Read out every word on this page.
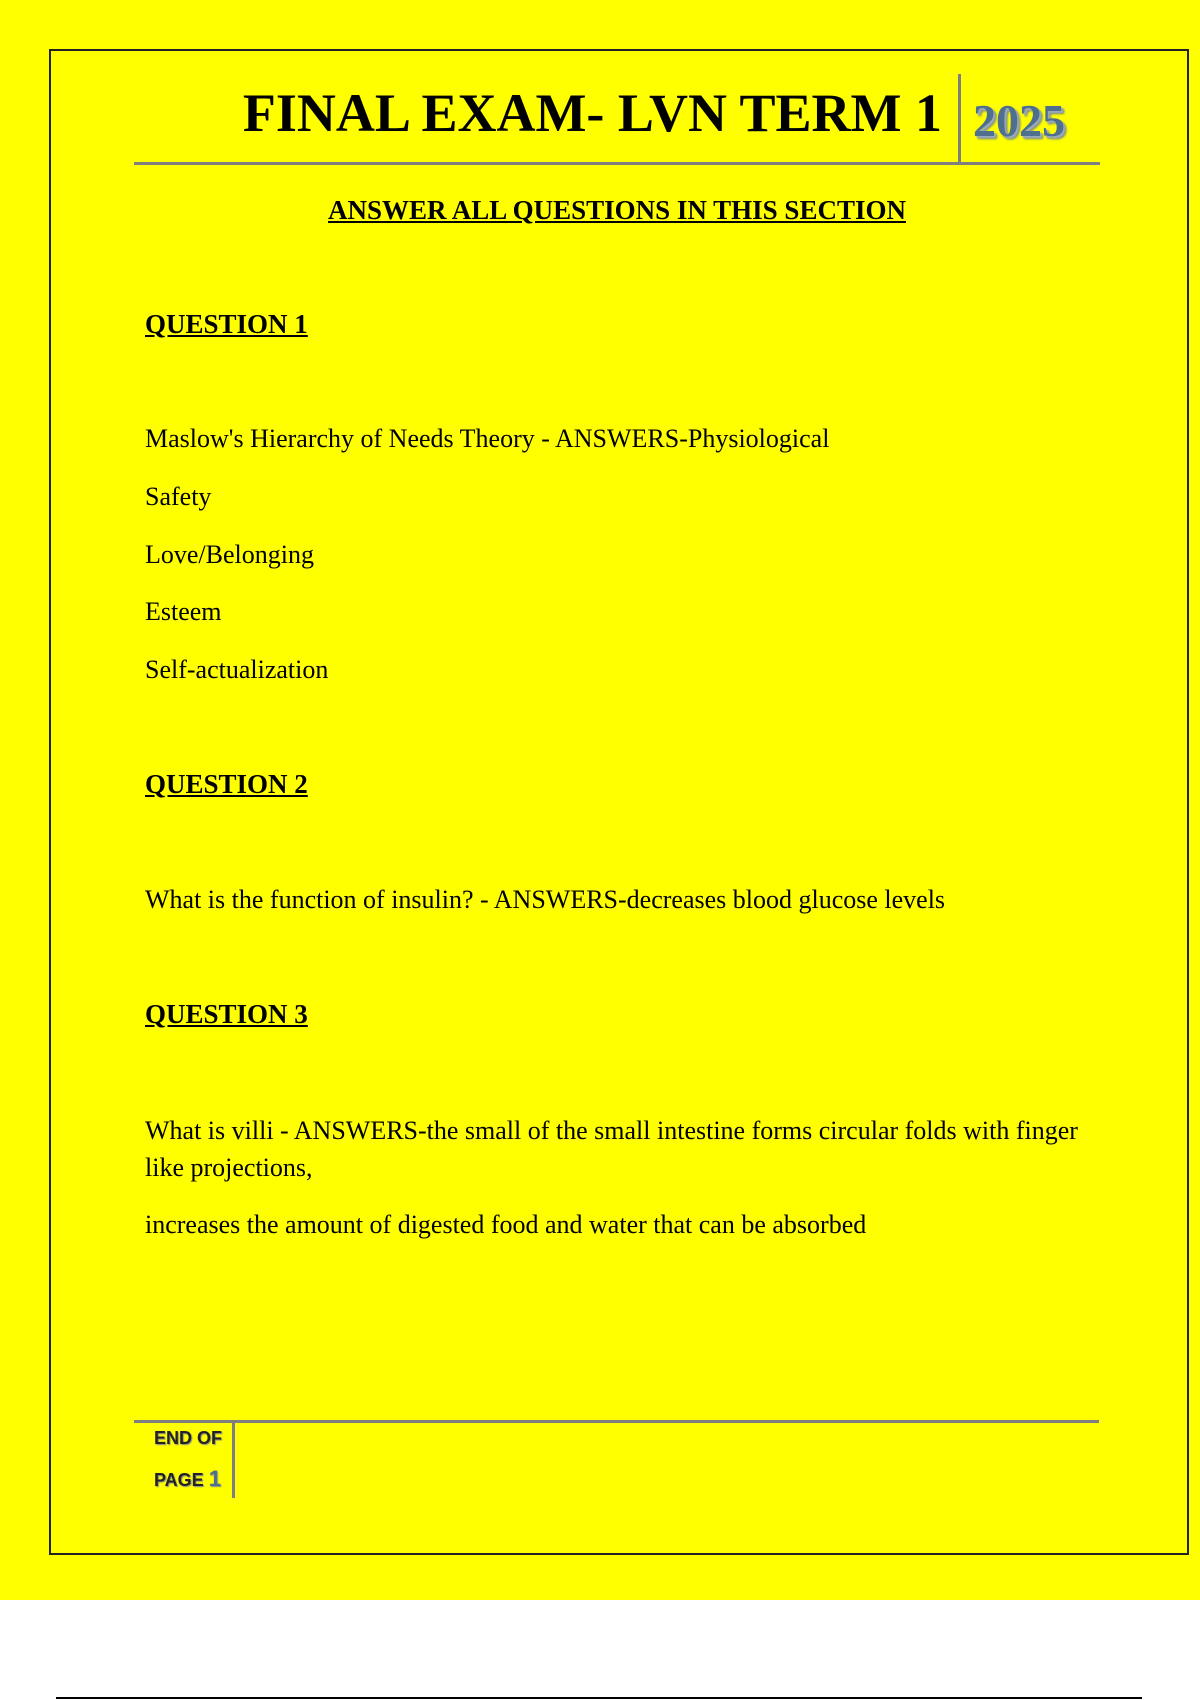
FINAL EXAM- LVN TERM 1 2025
ANSWER ALL QUESTIONS IN THIS SECTION
QUESTION 1
Maslow's Hierarchy of Needs Theory - ANSWERS-Physiological
Safety
Love/Belonging
Esteem
Self-actualization
QUESTION 2
What is the function of insulin? - ANSWERS-decreases blood glucose levels
QUESTION 3
What is villi - ANSWERS-the small of the small intestine forms circular folds with finger like projections,
increases the amount of digested food and water that can be absorbed
END OF
PAGE 1
